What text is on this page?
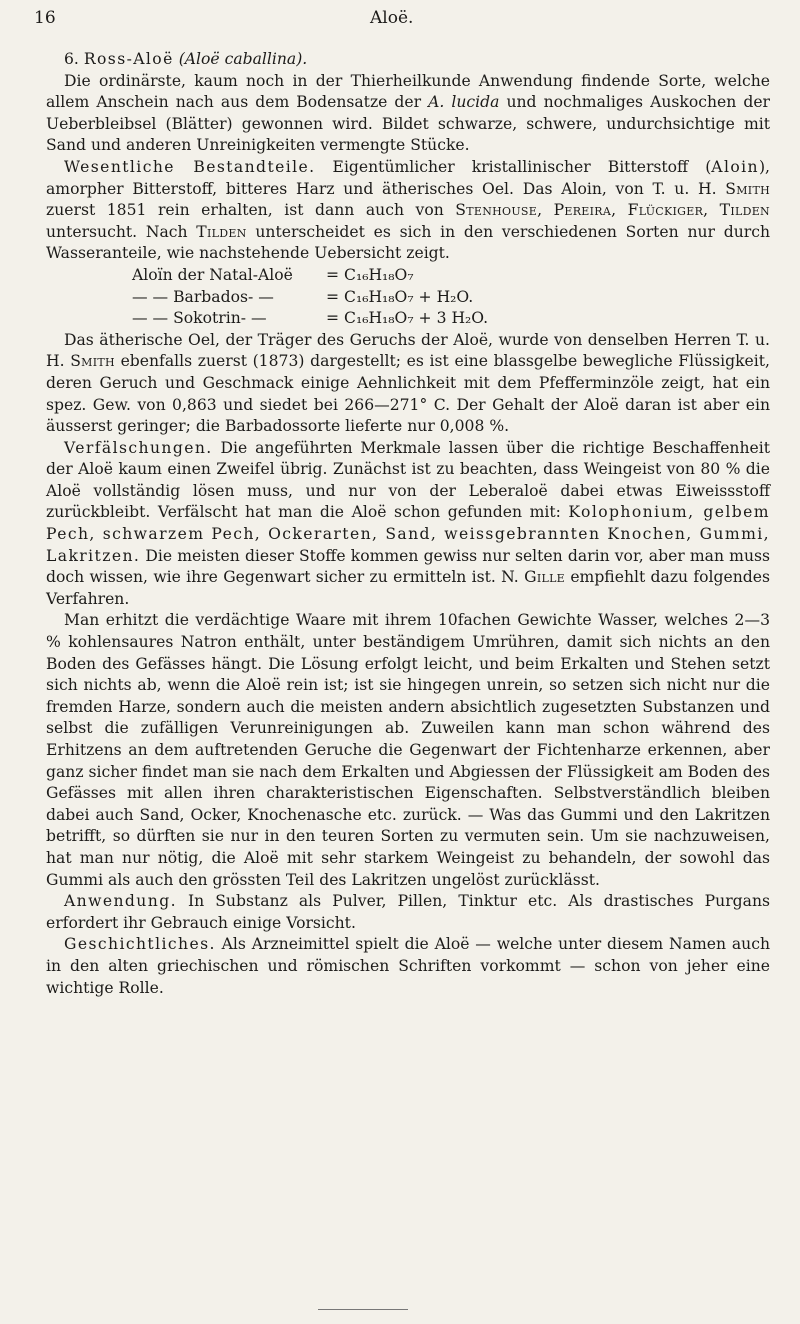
16	Aloë.

6. Ross-Aloë (Aloë caballina).

Die ordinärste, kaum noch in der Thierheilkunde Anwendung findende Sorte, welche allem Anschein nach aus dem Bodensatze der A. lucida und nochmaliges Auskochen der Ueberbleibsel (Blätter) gewonnen wird. Bildet schwarze, schwere, undurchsichtige mit Sand und anderen Unreinigkeiten vermengte Stücke.

Wesentliche Bestandteile. Eigentümlicher kristallinischer Bitterstoff (Aloin), amorpher Bitterstoff, bitteres Harz und ätherisches Oel. Das Aloin, von T. u. H. Smith zuerst 1851 rein erhalten, ist dann auch von Stenhouse, Pereira, Flückiger, Tilden untersucht. Nach Tilden unterscheidet es sich in den verschiedenen Sorten nur durch Wasseranteile, wie nachstehende Uebersicht zeigt.

Aloïn der Natal-Aloë	= C₁₆H₁₈O₇
— — Barbados- —	= C₁₆H₁₈O₇ + H₂O.
— — Sokotrin- —	= C₁₆H₁₈O₇ + 3 H₂O.

Das ätherische Oel, der Träger des Geruchs der Aloë, wurde von denselben Herren T. u. H. Smith ebenfalls zuerst (1873) dargestellt; es ist eine blassgelbe bewegliche Flüssigkeit, deren Geruch und Geschmack einige Aehnlichkeit mit dem Pfefferminzöle zeigt, hat ein spez. Gew. von 0,863 und siedet bei 266—271° C. Der Gehalt der Aloë daran ist aber ein äusserst geringer; die Barbadossorte lieferte nur 0,008 %.

Verfälschungen. Die angeführten Merkmale lassen über die richtige Beschaffenheit der Aloë kaum einen Zweifel übrig. Zunächst ist zu beachten, dass Weingeist von 80 % die Aloë vollständig lösen muss, und nur von der Leberaloë dabei etwas Eiweissstoff zurückbleibt. Verfälscht hat man die Aloë schon gefunden mit: Kolophonium, gelbem Pech, schwarzem Pech, Ockerarten, Sand, weissgebrannten Knochen, Gummi, Lakritzen. Die meisten dieser Stoffe kommen gewiss nur selten darin vor, aber man muss doch wissen, wie ihre Gegenwart sicher zu ermitteln ist. N. Gille empfiehlt dazu folgendes Verfahren.

Man erhitzt die verdächtige Waare mit ihrem 10fachen Gewichte Wasser, welches 2—3 % kohlensaures Natron enthält, unter beständigem Umrühren, damit sich nichts an den Boden des Gefässes hängt. Die Lösung erfolgt leicht, und beim Erkalten und Stehen setzt sich nichts ab, wenn die Aloë rein ist; ist sie hingegen unrein, so setzen sich nicht nur die fremden Harze, sondern auch die meisten andern absichtlich zugesetzten Substanzen und selbst die zufälligen Verunreinigungen ab. Zuweilen kann man schon während des Erhitzens an dem auftretenden Geruche die Gegenwart der Fichtenharze erkennen, aber ganz sicher findet man sie nach dem Erkalten und Abgiessen der Flüssigkeit am Boden des Gefässes mit allen ihren charakteristischen Eigenschaften. Selbstverständlich bleiben dabei auch Sand, Ocker, Knochenasche etc. zurück. — Was das Gummi und den Lakritzen betrifft, so dürften sie nur in den teuren Sorten zu vermuten sein. Um sie nachzuweisen, hat man nur nötig, die Aloë mit sehr starkem Weingeist zu behandeln, der sowohl das Gummi als auch den grössten Teil des Lakritzen ungelöst zurücklässt.

Anwendung. In Substanz als Pulver, Pillen, Tinktur etc. Als drastisches Purgans erfordert ihr Gebrauch einige Vorsicht.

Geschichtliches. Als Arzneimittel spielt die Aloë — welche unter diesem Namen auch in den alten griechischen und römischen Schriften vorkommt — schon von jeher eine wichtige Rolle.
